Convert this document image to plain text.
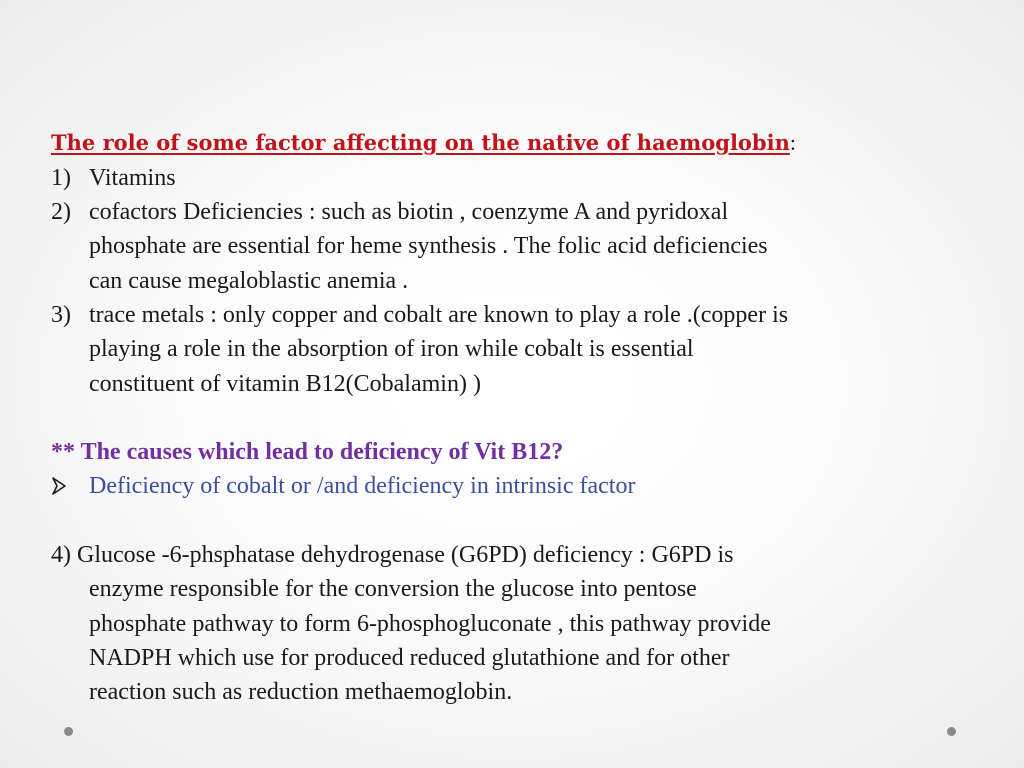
The role of some factor affecting on the native of haemoglobin:
1) Vitamins
2) cofactors Deficiencies : such as biotin , coenzyme A and pyridoxal
phosphate are essential for heme synthesis . The folic acid deficiencies
can cause megaloblastic anemia .
3) trace metals : only copper and cobalt are known to play a role .(copper is
playing a role in the absorption of iron while cobalt is essential
constituent of vitamin B12(Cobalamin) )
** The causes which lead to deficiency of Vit B12?
Deficiency of cobalt or /and deficiency in intrinsic factor
4) Glucose -6-phsphatase dehydrogenase (G6PD) deficiency : G6PD is
enzyme responsible for the conversion the glucose into pentose
phosphate pathway to form 6-phosphogluconate , this pathway provide
NADPH which use for produced reduced glutathione and for other
reaction such as reduction methaemoglobin.
